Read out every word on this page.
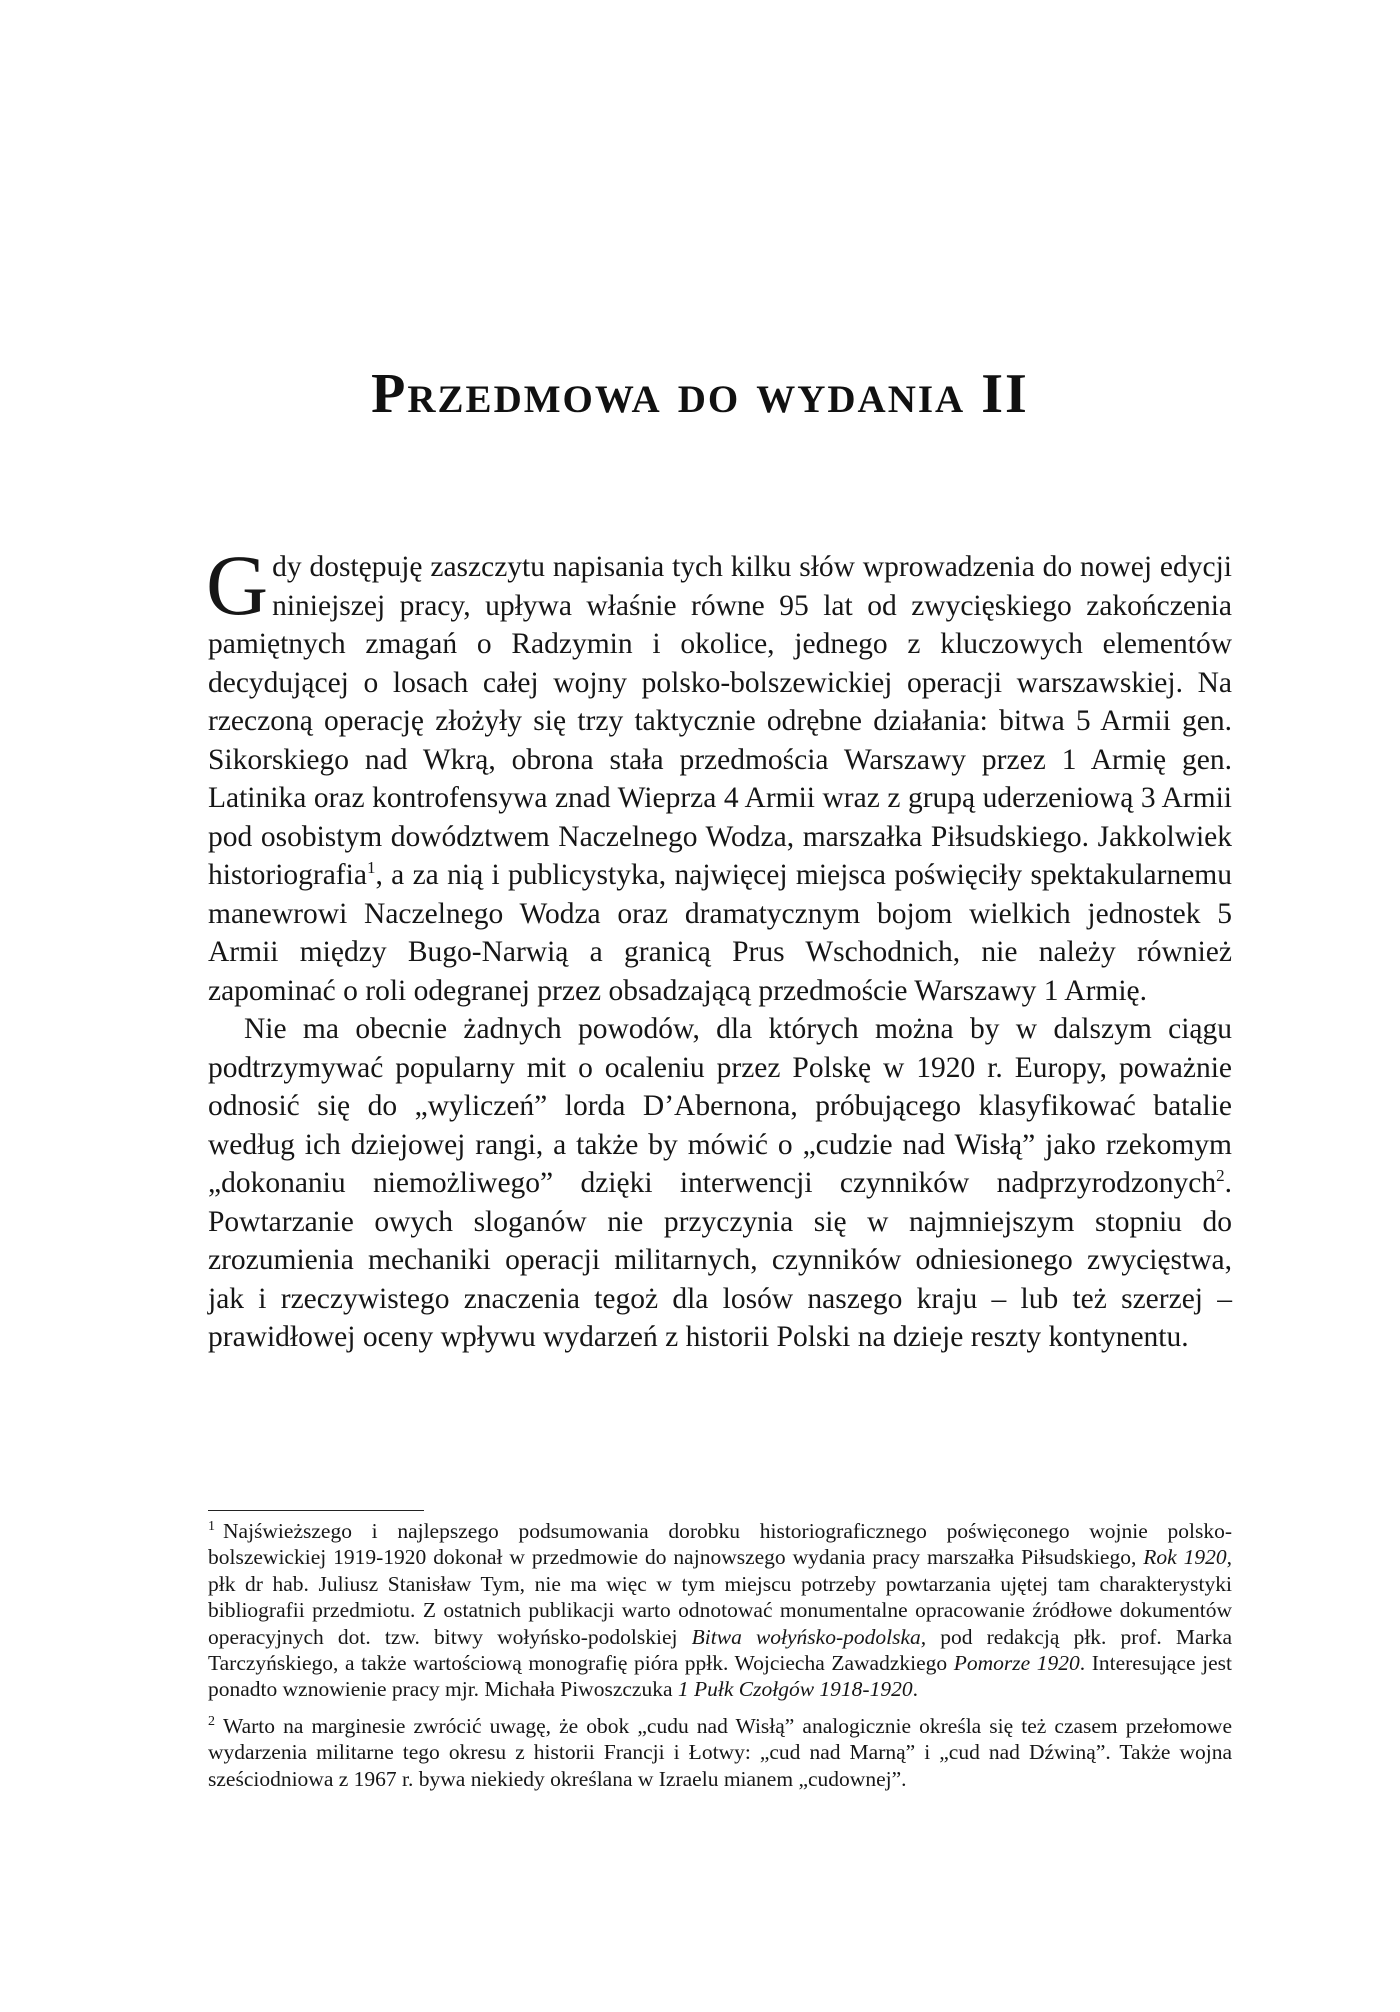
Przedmowa do wydania II

Gdy dostępuję zaszczytu napisania tych kilku słów wprowadzenia do nowej edycji niniejszej pracy, upływa właśnie równe 95 lat od zwycięskiego zakończenia pamiętnych zmagań o Radzymin i okolice, jednego z kluczowych elementów decydującej o losach całej wojny polsko-bolszewickiej operacji warszawskiej. Na rzeczoną operację złożyły się trzy taktycznie odrębne działania: bitwa 5 Armii gen. Sikorskiego nad Wkrą, obrona stała przedmościa Warszawy przez 1 Armię gen. Latinika oraz kontrofensywa znad Wieprza 4 Armii wraz z grupą uderzeniową 3 Armii pod osobistym dowództwem Naczelnego Wodza, marszałka Piłsudskiego. Jakkolwiek historiografia$^1$, a za nią i publicystyka, najwięcej miejsca poświęciły spektakularnemu manewrowi Naczelnego Wodza oraz dramatycznym bojom wielkich jednostek 5 Armii między Bugo-Narwią a granicą Prus Wschodnich, nie należy również zapominać o roli odegranej przez obsadzającą przedmoście Warszawy 1 Armię.

Nie ma obecnie żadnych powodów, dla których można by w dalszym ciągu podtrzymywać popularny mit o ocaleniu przez Polskę w 1920 r. Europy, poważnie odnosić się do „wyliczeń” lorda D’Abernona, próbującego klasyfikować batalie według ich dziejowej rangi, a także by mówić o „cudzie nad Wisłą” jako rzekomym „dokonaniu niemożliwego” dzięki interwencji czynników nadprzyrodzonych$^2$. Powtarzanie owych sloganów nie przyczynia się w najmniejszym stopniu do zrozumienia mechaniki operacji militarnych, czynników odniesionego zwycięstwa, jak i rzeczywistego znaczenia tegoż dla losów naszego kraju – lub też szerzej – prawidłowej oceny wpływu wydarzeń z historii Polski na dzieje reszty kontynentu.

$^1$ Najświeższego i najlepszego podsumowania dorobku historiograficznego poświęconego wojnie polsko-bolszewickiej 1919-1920 dokonał w przedmowie do najnowszego wydania pracy marszałka Piłsudskiego, Rok 1920, płk dr hab. Juliusz Stanisław Tym, nie ma więc w tym miejscu potrzeby powtarzania ujętej tam charakterystyki bibliografii przedmiotu. Z ostatnich publikacji warto odnotować monumentalne opracowanie źródłowe dokumentów operacyjnych dot. tzw. bitwy wołyńsko-podolskiej Bitwa wołyńsko-podolska, pod redakcją płk. prof. Marka Tarczyńskiego, a także wartościową monografię pióra ppłk. Wojciecha Zawadzkiego Pomorze 1920. Interesujące jest ponadto wznowienie pracy mjr. Michała Piwoszczuka 1 Pułk Czołgów 1918-1920.

$^2$ Warto na marginesie zwrócić uwagę, że obok „cudu nad Wisłą” analogicznie określa się też czasem przełomowe wydarzenia militarne tego okresu z historii Francji i Łotwy: „cud nad Marną” i „cud nad Dźwiną”. Także wojna sześciodniowa z 1967 r. bywa niekiedy określana w Izraelu mianem „cudownej”.
